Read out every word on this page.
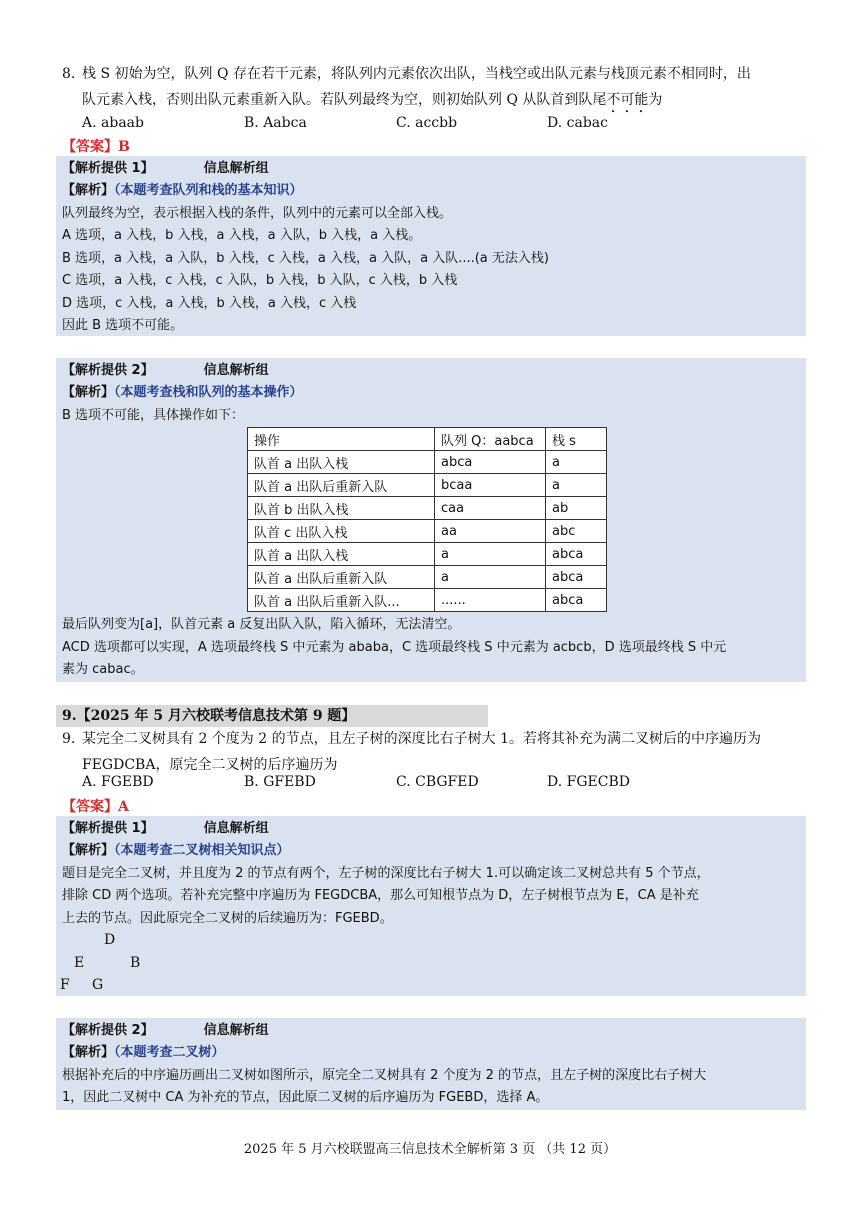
8. 栈 S 初始为空，队列 Q 存在若干元素，将队列内元素依次出队，当栈空或出队元素与栈顶元素不相同时，出
队元素入栈，否则出队元素重新入队。若队列最终为空，则初始队列 Q 从队首到队尾不可能为
A. abaab	B. Aabca	C. accbb	D. cabac
【答案】B
【解析提供 1】	信息解析组
【解析】（本题考查队列和栈的基本知识）
队列最终为空，表示根据入栈的条件，队列中的元素可以全部入栈。
A 选项，a 入栈，b 入栈，a 入栈，a 入队，b 入栈，a 入栈。
B 选项，a 入栈，a 入队，b 入栈，c 入栈，a 入栈，a 入队，a 入队....(a 无法入栈)
C 选项，a 入栈，c 入栈，c 入队，b 入栈，b 入队，c 入栈，b 入栈
D 选项，c 入栈，a 入栈，b 入栈，a 入栈，c 入栈
因此 B 选项不可能。
【解析提供 2】	信息解析组
【解析】（本题考查栈和队列的基本操作）
B 选项不可能，具体操作如下：
操作	队列 Q：aabca	栈 s
队首 a 出队入栈	abca	a
队首 a 出队后重新入队	bcaa	a
队首 b 出队入栈	caa	ab
队首 c 出队入栈	aa	abc
队首 a 出队入栈	a	abca
队首 a 出队后重新入队	a	abca
队首 a 出队后重新入队...	......	abca
最后队列变为[a]，队首元素 a 反复出队入队，陷入循环，无法清空。
ACD 选项都可以实现，A 选项最终栈 S 中元素为 ababa，C 选项最终栈 S 中元素为 acbcb，D 选项最终栈 S 中元
素为 cabac。
9.【2025 年 5 月六校联考信息技术第 9 题】
9. 某完全二叉树具有 2 个度为 2 的节点，且左子树的深度比右子树大 1。若将其补充为满二叉树后的中序遍历为
FEGDCBA，原完全二叉树的后序遍历为
A. FGEBD	B. GFEBD	C. CBGFED	D. FGECBD
【答案】A
【解析提供 1】	信息解析组
【解析】（本题考查二叉树相关知识点）
题目是完全二叉树，并且度为 2 的节点有两个，左子树的深度比右子树大 1.可以确定该二叉树总共有 5 个节点，
排除 CD 两个选项。若补充完整中序遍历为 FEGDCBA，那么可知根节点为 D，左子树根节点为 E，CA 是补充
上去的节点。因此原完全二叉树的后续遍历为：FGEBD。
D
E	B
F G
【解析提供 2】	信息解析组
【解析】（本题考查二叉树）
根据补充后的中序遍历画出二叉树如图所示，原完全二叉树具有 2 个度为 2 的节点，且左子树的深度比右子树大
1，因此二叉树中 CA 为补充的节点，因此原二叉树的后序遍历为 FGEBD，选择 A。
2025 年 5 月六校联盟高三信息技术全解析第 3 页 （共 12 页）
